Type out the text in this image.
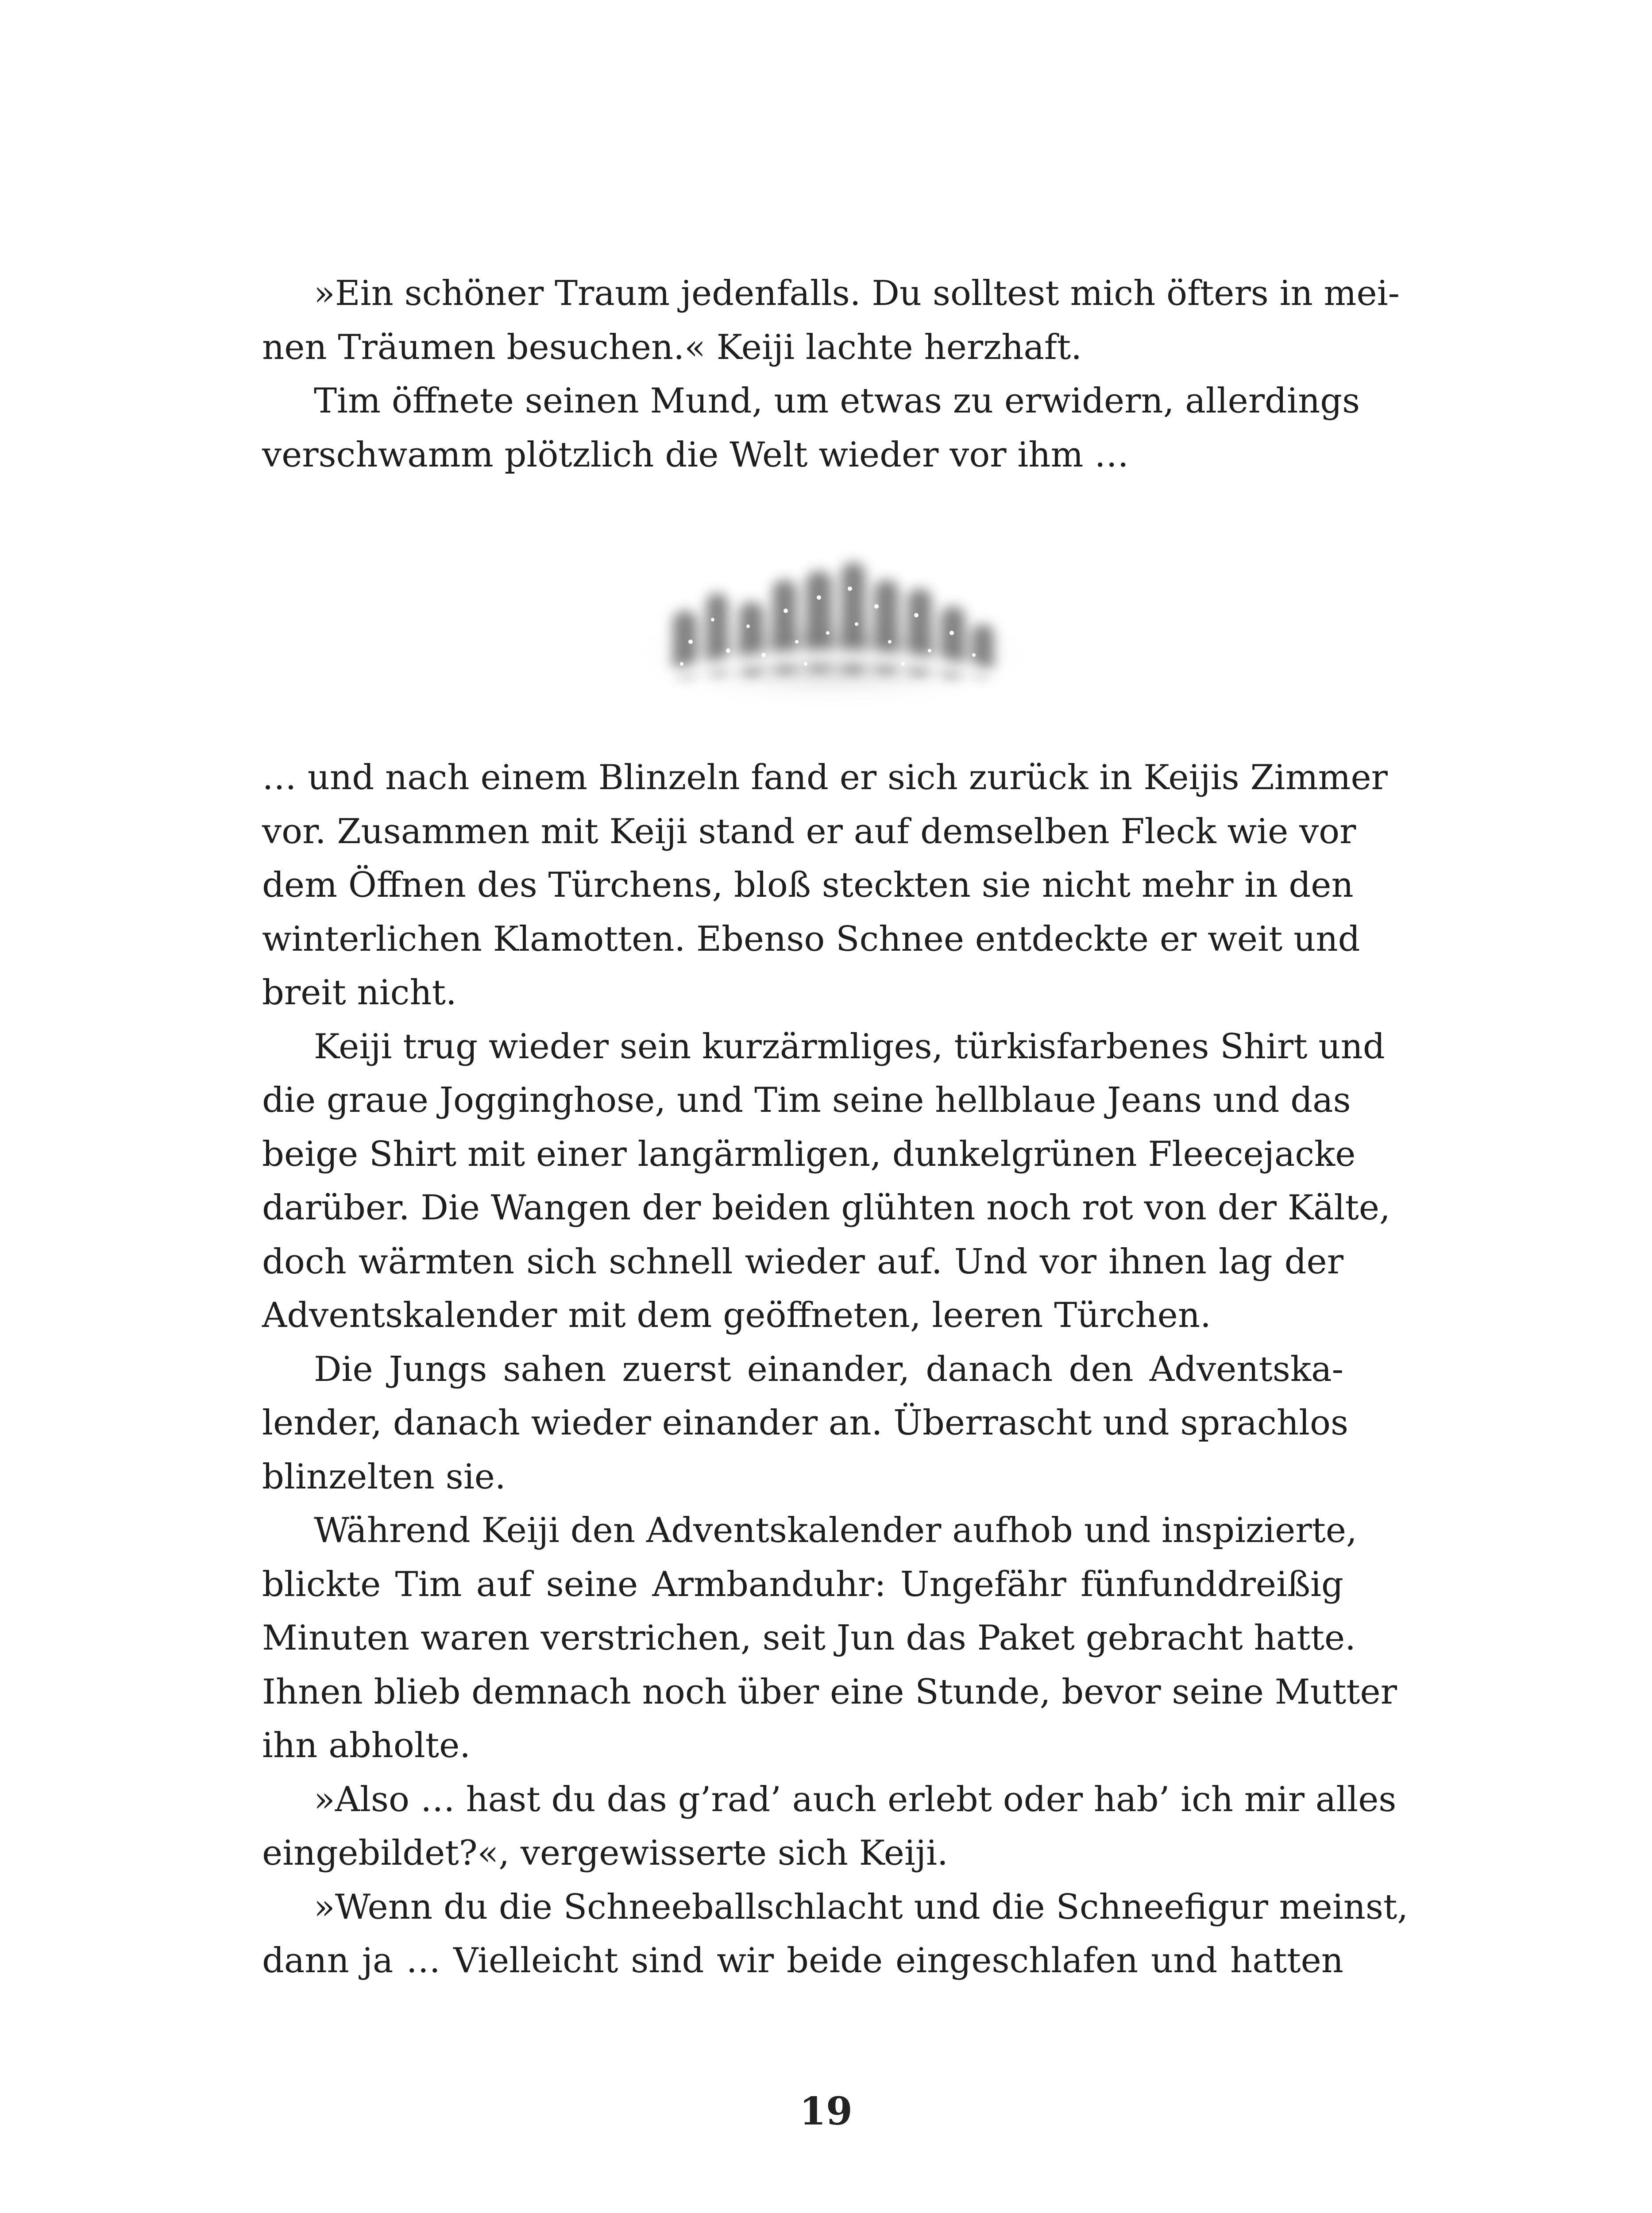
»Ein schöner Traum jedenfalls. Du solltest mich öfters in mei-
nen Träumen besuchen.« Keiji lachte herzhaft.
Tim öffnete seinen Mund, um etwas zu erwidern, allerdings
verschwamm plötzlich die Welt wieder vor ihm …
… und nach einem Blinzeln fand er sich zurück in Keijis Zimmer
vor. Zusammen mit Keiji stand er auf demselben Fleck wie vor
dem Öffnen des Türchens, bloß steckten sie nicht mehr in den
winterlichen Klamotten. Ebenso Schnee entdeckte er weit und
breit nicht.
Keiji trug wieder sein kurzärmliges, türkisfarbenes Shirt und
die graue Jogginghose, und Tim seine hellblaue Jeans und das
beige Shirt mit einer langärmligen, dunkelgrünen Fleecejacke
darüber. Die Wangen der beiden glühten noch rot von der Kälte,
doch wärmten sich schnell wieder auf. Und vor ihnen lag der
Adventskalender mit dem geöffneten, leeren Türchen.
Die Jungs sahen zuerst einander, danach den Adventska-
lender, danach wieder einander an. Überrascht und sprachlos
blinzelten sie.
Während Keiji den Adventskalender aufhob und inspizierte,
blickte Tim auf seine Armbanduhr: Ungefähr fünfunddreißig
Minuten waren verstrichen, seit Jun das Paket gebracht hatte.
Ihnen blieb demnach noch über eine Stunde, bevor seine Mutter
ihn abholte.
»Also … hast du das g’rad’ auch erlebt oder hab’ ich mir alles
eingebildet?«, vergewisserte sich Keiji.
»Wenn du die Schneeballschlacht und die Schneefigur meinst,
dann ja … Vielleicht sind wir beide eingeschlafen und hatten
19
